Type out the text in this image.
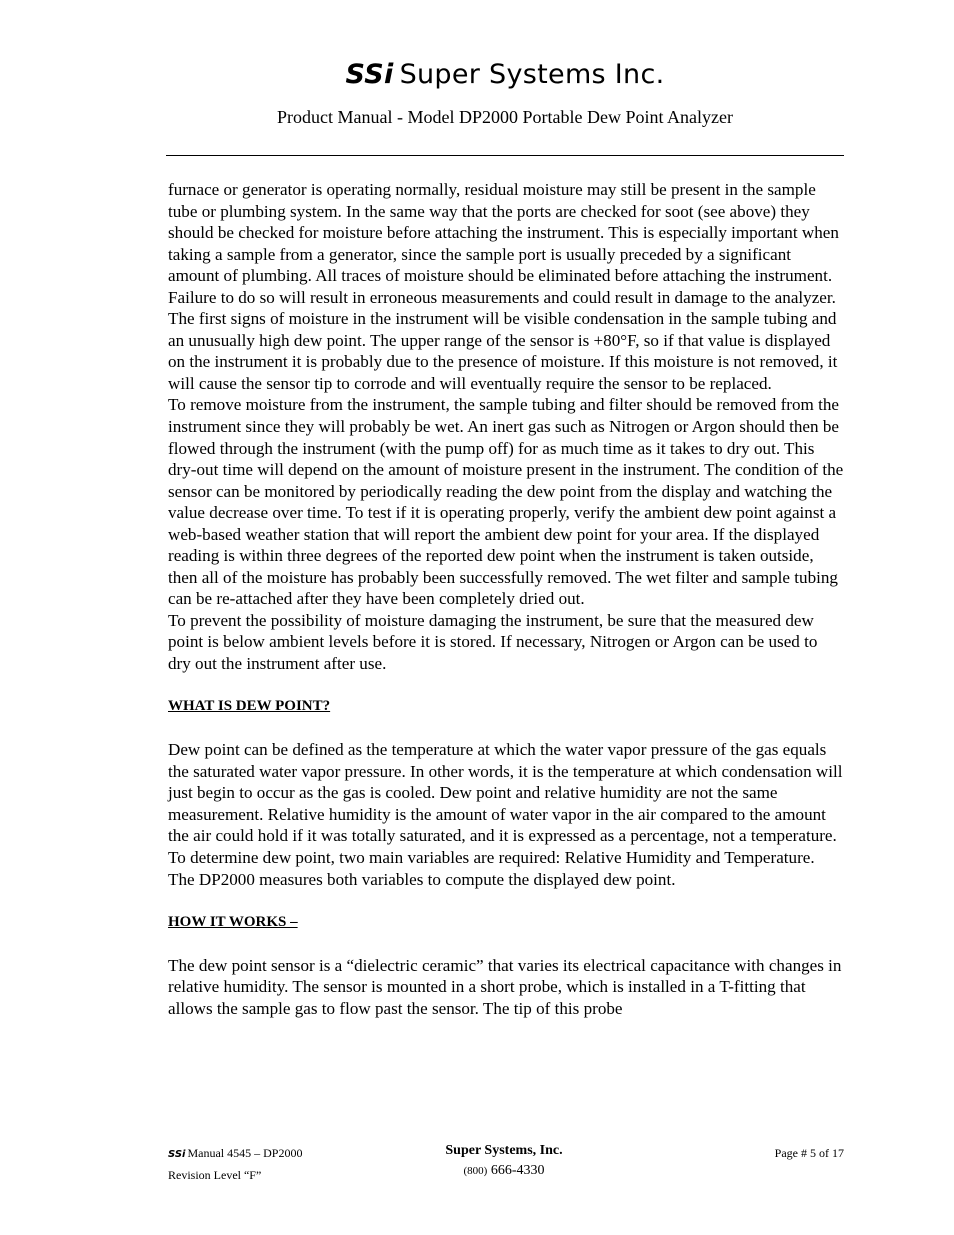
SSi Super Systems Inc.
Product Manual - Model DP2000 Portable Dew Point Analyzer

furnace or generator is operating normally, residual moisture may still be present in the sample tube or plumbing system. In the same way that the ports are checked for soot (see above) they should be checked for moisture before attaching the instrument. This is especially important when taking a sample from a generator, since the sample port is usually preceded by a significant amount of plumbing. All traces of moisture should be eliminated before attaching the instrument. Failure to do so will result in erroneous measurements and could result in damage to the analyzer.

The first signs of moisture in the instrument will be visible condensation in the sample tubing and an unusually high dew point. The upper range of the sensor is +80°F, so if that value is displayed on the instrument it is probably due to the presence of moisture. If this moisture is not removed, it will cause the sensor tip to corrode and will eventually require the sensor to be replaced.

To remove moisture from the instrument, the sample tubing and filter should be removed from the instrument since they will probably be wet. An inert gas such as Nitrogen or Argon should then be flowed through the instrument (with the pump off) for as much time as it takes to dry out. This dry-out time will depend on the amount of moisture present in the instrument. The condition of the sensor can be monitored by periodically reading the dew point from the display and watching the value decrease over time. To test if it is operating properly, verify the ambient dew point against a web-based weather station that will report the ambient dew point for your area. If the displayed reading is within three degrees of the reported dew point when the instrument is taken outside, then all of the moisture has probably been successfully removed. The wet filter and sample tubing can be re-attached after they have been completely dried out.

To prevent the possibility of moisture damaging the instrument, be sure that the measured dew point is below ambient levels before it is stored. If necessary, Nitrogen or Argon can be used to dry out the instrument after use.

WHAT IS DEW POINT?

Dew point can be defined as the temperature at which the water vapor pressure of the gas equals the saturated water vapor pressure. In other words, it is the temperature at which condensation will just begin to occur as the gas is cooled. Dew point and relative humidity are not the same measurement. Relative humidity is the amount of water vapor in the air compared to the amount the air could hold if it was totally saturated, and it is expressed as a percentage, not a temperature. To determine dew point, two main variables are required: Relative Humidity and Temperature. The DP2000 measures both variables to compute the displayed dew point.

HOW IT WORKS –

The dew point sensor is a “dielectric ceramic” that varies its electrical capacitance with changes in relative humidity. The sensor is mounted in a short probe, which is installed in a T-fitting that allows the sample gas to flow past the sensor. The tip of this probe

SSi Manual 4545 – DP2000
Revision Level “F”
Super Systems, Inc.
(800) 666-4330
Page # 5 of 17
